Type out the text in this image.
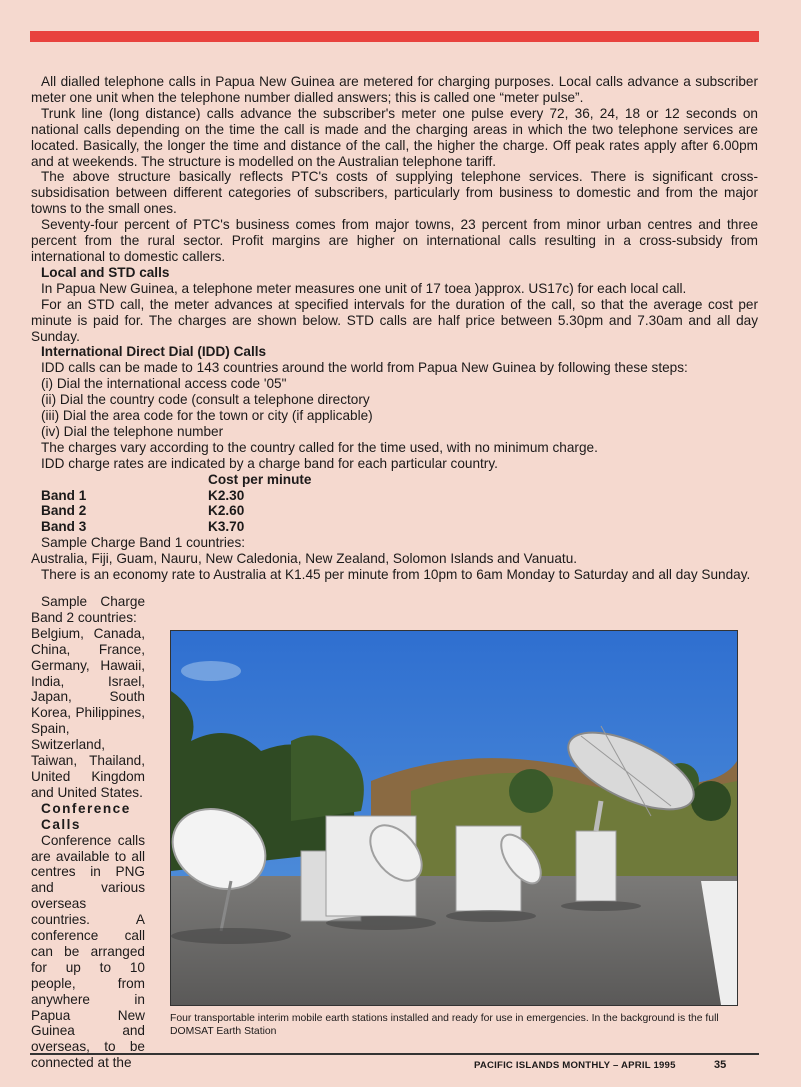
All dialled telephone calls in Papua New Guinea are metered for charging purposes. Local calls advance a subscriber meter one unit when the telephone number dialled answers; this is called one “meter pulse”.

Trunk line (long distance) calls advance the subscriber's meter one pulse every 72, 36, 24, 18 or 12 seconds on national calls depending on the time the call is made and the charging areas in which the two telephone services are located. Basically, the longer the time and distance of the call, the higher the charge. Off peak rates apply after 6.00pm and at weekends. The structure is modelled on the Australian telephone tariff.

The above structure basically reflects PTC's costs of supplying telephone services. There is significant cross-subsidisation between different categories of subscribers, particularly from business to domestic and from the major towns to the small ones.

Seventy-four percent of PTC's business comes from major towns, 23 percent from minor urban centres and three percent from the rural sector. Profit margins are higher on international calls resulting in a cross-subsidy from international to domestic callers.

Local and STD calls

In Papua New Guinea, a telephone meter measures one unit of 17 toea )approx. US17c) for each local call.

For an STD call, the meter advances at specified intervals for the duration of the call, so that the average cost per minute is paid for. The charges are shown below. STD calls are half price between 5.30pm and 7.30am and all day Sunday.

International Direct Dial (IDD) Calls

IDD calls can be made to 143 countries around the world from Papua New Guinea by following these steps:

(i) Dial the international access code '05"
(ii) Dial the country code (consult a telephone directory
(iii) Dial the area code for the town or city (if applicable)
(iv) Dial the telephone number

The charges vary according to the country called for the time used, with no minimum charge.

IDD charge rates are indicated by a charge band for each particular country.

Cost per minute
Band 1	K2.30
Band 2	K2.60
Band 3	K3.70

Sample Charge Band 1 countries:

Australia, Fiji, Guam, Nauru, New Caledonia, New Zealand, Solomon Islands and Vanuatu.

There is an economy rate to Australia at K1.45 per minute from 10pm to 6am Monday to Saturday and all day Sunday.

Sample Charge Band 2 countries:

Belgium, Canada, China, France, Germany, Hawaii, India, Israel, Japan, South Korea, Philippines, Spain, Switzerland, Taiwan, Thailand, United Kingdom and United States.

Conference Calls

Conference calls are available to all centres in PNG and various overseas countries. A conference call can be arranged for up to 10 people, from anywhere in Papua New Guinea and overseas, to be connected at the

Four transportable interim mobile earth stations installed and ready for use in emergencies. In the background is the full DOMSAT Earth Station
PACIFIC ISLANDS MONTHLY – APRIL 1995	35
